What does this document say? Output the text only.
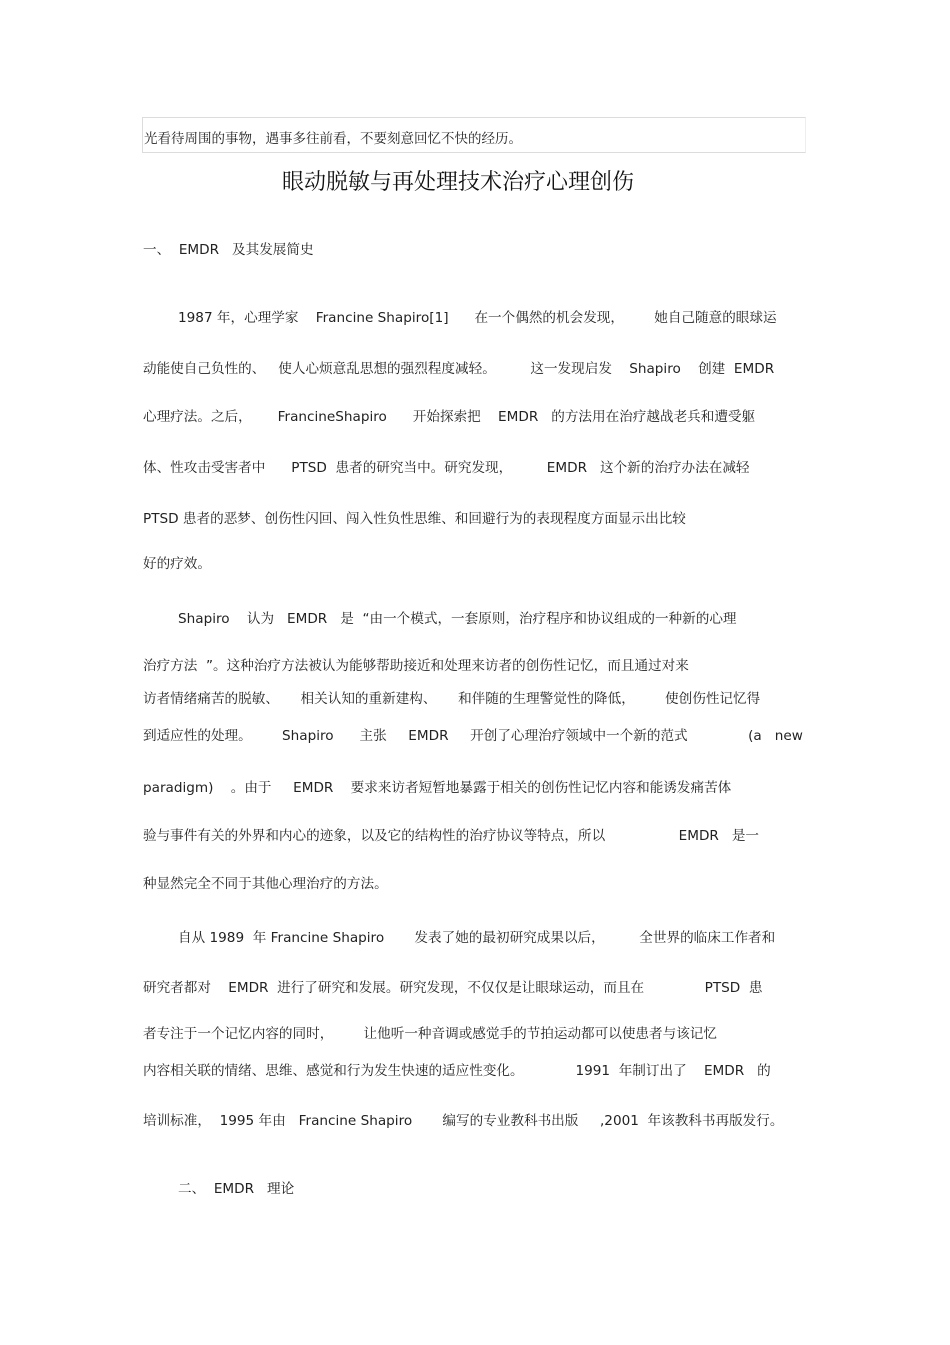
光看待周围的事物，遇事多往前看，不要刻意回忆不快的经历。
眼动脱敏与再处理技术治疗心理创伤
一、  EMDR   及其发展简史
1987 年，心理学家    Francine Shapiro[1]      在一个偶然的机会发现，       她自己随意的眼球运
动能使自己负性的、   使人心烦意乱思想的强烈程度减轻。        这一发现启发    Shapiro    创建  EMDR
心理疗法。之后，      FrancineShapiro      开始探索把    EMDR   的方法用在治疗越战老兵和遭受躯
体、性攻击受害者中      PTSD  患者的研究当中。研究发现，        EMDR   这个新的治疗办法在减轻
PTSD 患者的恶梦、创伤性闪回、闯入性负性思维、和回避行为的表现程度方面显示出比较
好的疗效。
Shapiro    认为   EMDR   是  “由一个模式，一套原则，治疗程序和协议组成的一种新的心理
治疗方法  ”。这种治疗方法被认为能够帮助接近和处理来访者的创伤性记忆，而且通过对来
访者情绪痛苦的脱敏、     相关认知的重新建构、     和伴随的生理警觉性的降低，       使创伤性记忆得
到适应性的处理。       Shapiro      主张     EMDR     开创了心理治疗领域中一个新的范式              (a   new
paradigm)    。由于     EMDR    要求来访者短暂地暴露于相关的创伤性记忆内容和能诱发痛苦体
验与事件有关的外界和内心的迹象，以及它的结构性的治疗协议等特点，所以                 EMDR   是一
种显然完全不同于其他心理治疗的方法。
自从 1989  年 Francine Shapiro       发表了她的最初研究成果以后，        全世界的临床工作者和
研究者都对    EMDR  进行了研究和发展。研究发现，不仅仅是让眼球运动，而且在              PTSD  患
者专注于一个记忆内容的同时，       让他听一种音调或感觉手的节拍运动都可以使患者与该记忆
内容相关联的情绪、思维、感觉和行为发生快速的适应性变化。            1991  年制订出了    EMDR   的
培训标准，  1995 年由   Francine Shapiro       编写的专业教科书出版     ,2001  年该教科书再版发行。
二、  EMDR   理论
